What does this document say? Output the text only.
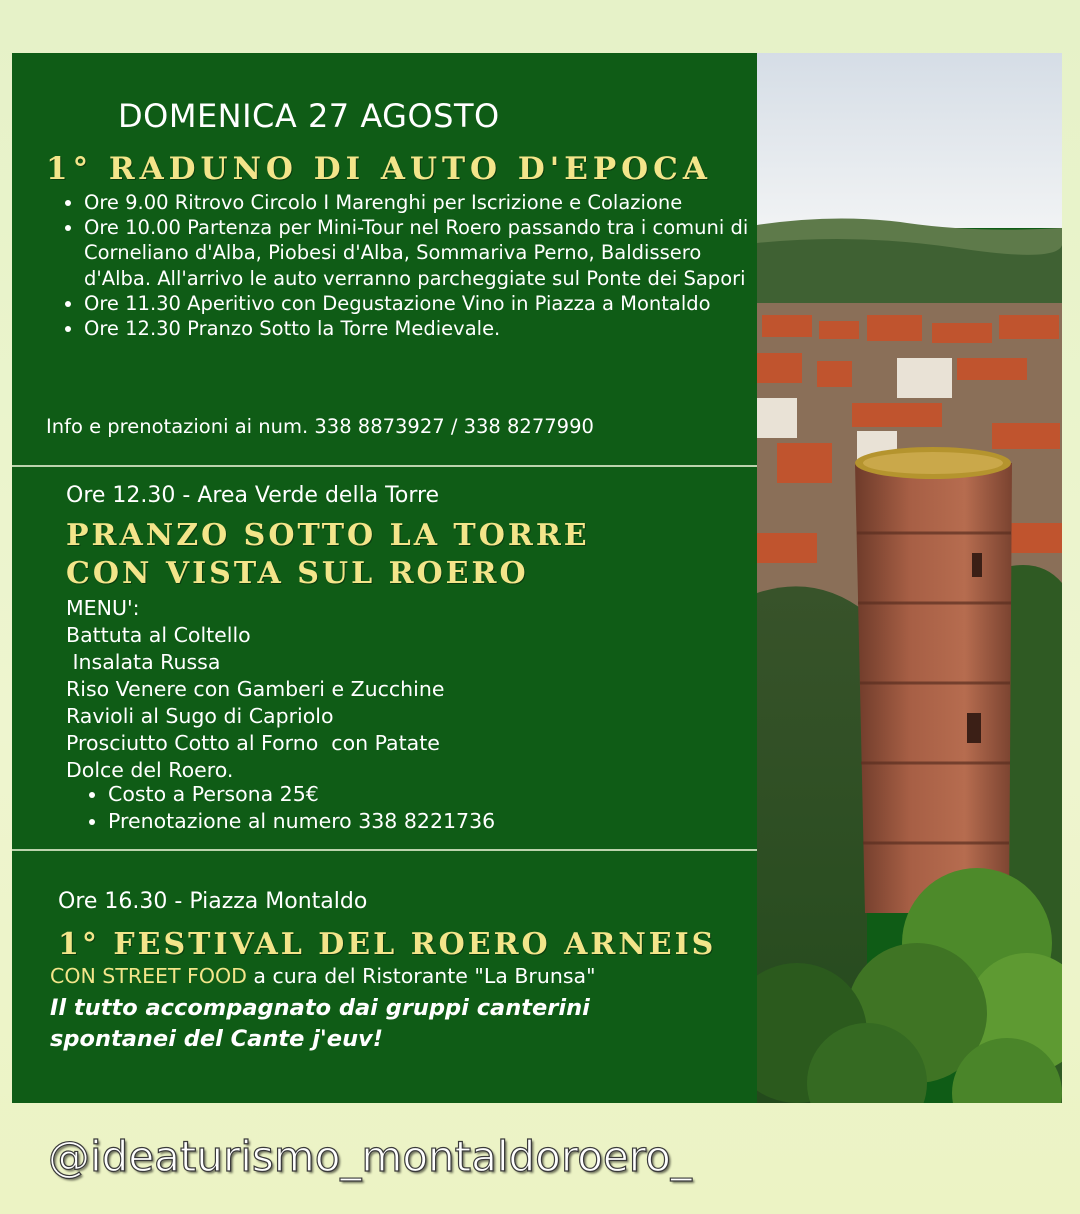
DOMENICA 27 AGOSTO
1° RADUNO DI AUTO D'EPOCA
• Ore 9.00 Ritrovo Circolo I Marenghi per Iscrizione e Colazione
• Ore 10.00 Partenza per Mini-Tour nel Roero passando tra i comuni di Corneliano d'Alba, Piobesi d'Alba, Sommariva Perno, Baldissero d'Alba. All'arrivo le auto verranno parcheggiate sul Ponte dei Sapori
• Ore 11.30 Aperitivo con Degustazione Vino in Piazza a Montaldo
• Ore 12.30 Pranzo Sotto la Torre Medievale.
Info e prenotazioni ai num. 338 8873927 / 338 8277990
Ore 12.30 - Area Verde della Torre
PRANZO SOTTO LA TORRE
CON VISTA SUL ROERO
MENU':
Battuta al Coltello
Insalata Russa
Riso Venere con Gamberi e Zucchine
Ravioli al Sugo di Capriolo
Prosciutto Cotto al Forno  con Patate
Dolce del Roero.
• Costo a Persona 25€
• Prenotazione al numero 338 8221736
Ore 16.30 - Piazza Montaldo
1° FESTIVAL DEL ROERO ARNEIS
CON STREET FOOD a cura del Ristorante "La Brunsa"
Il tutto accompagnato dai gruppi canterini
spontanei del Cante j'euv!
@ideaturismo_montaldoroero_
